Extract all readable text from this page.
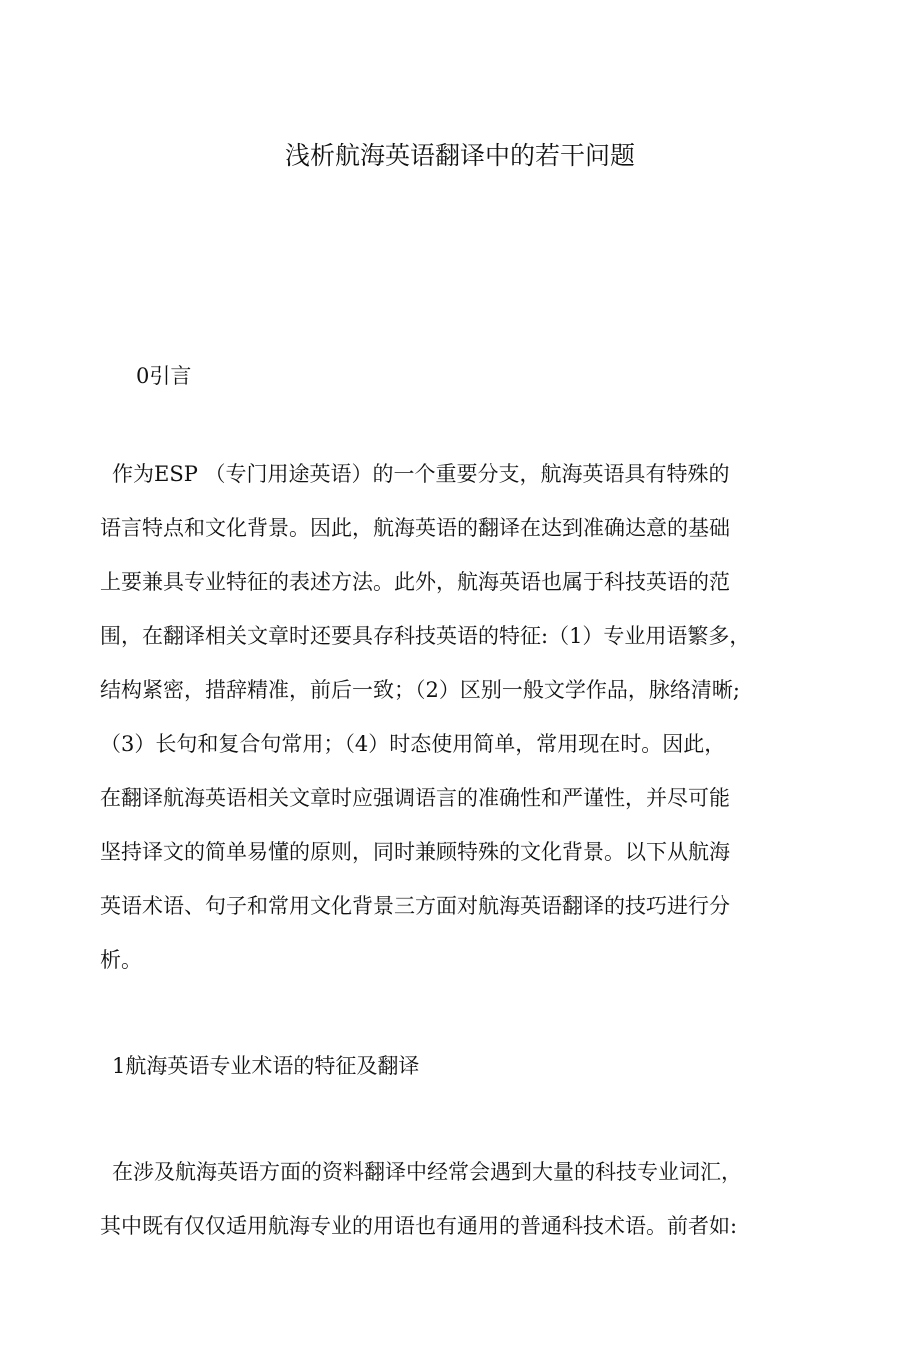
浅析航海英语翻译中的若干问题
0引言
作为ESP （专门用途英语）的一个重要分支，航海英语具有特殊的
语言特点和文化背景。因此，航海英语的翻译在达到准确达意的基础
上要兼具专业特征的表述方法。此外，航海英语也属于科技英语的范
围，在翻译相关文章时还要具存科技英语的特征:（1）专业用语繁多，
结构紧密，措辞精准，前后一致；（2）区别一般文学作品，脉络清晰;
（3）长句和复合句常用；（4）时态使用简单，常用现在时。因此，
在翻译航海英语相关文章时应强调语言的准确性和严谨性，并尽可能
坚持译文的简单易懂的原则，同时兼顾特殊的文化背景。以下从航海
英语术语、句子和常用文化背景三方面对航海英语翻译的技巧进行分
析。
1航海英语专业术语的特征及翻译
在涉及航海英语方面的资料翻译中经常会遇到大量的科技专业词汇，
其中既有仅仅适用航海专业的用语也有通用的普通科技术语。前者如:
